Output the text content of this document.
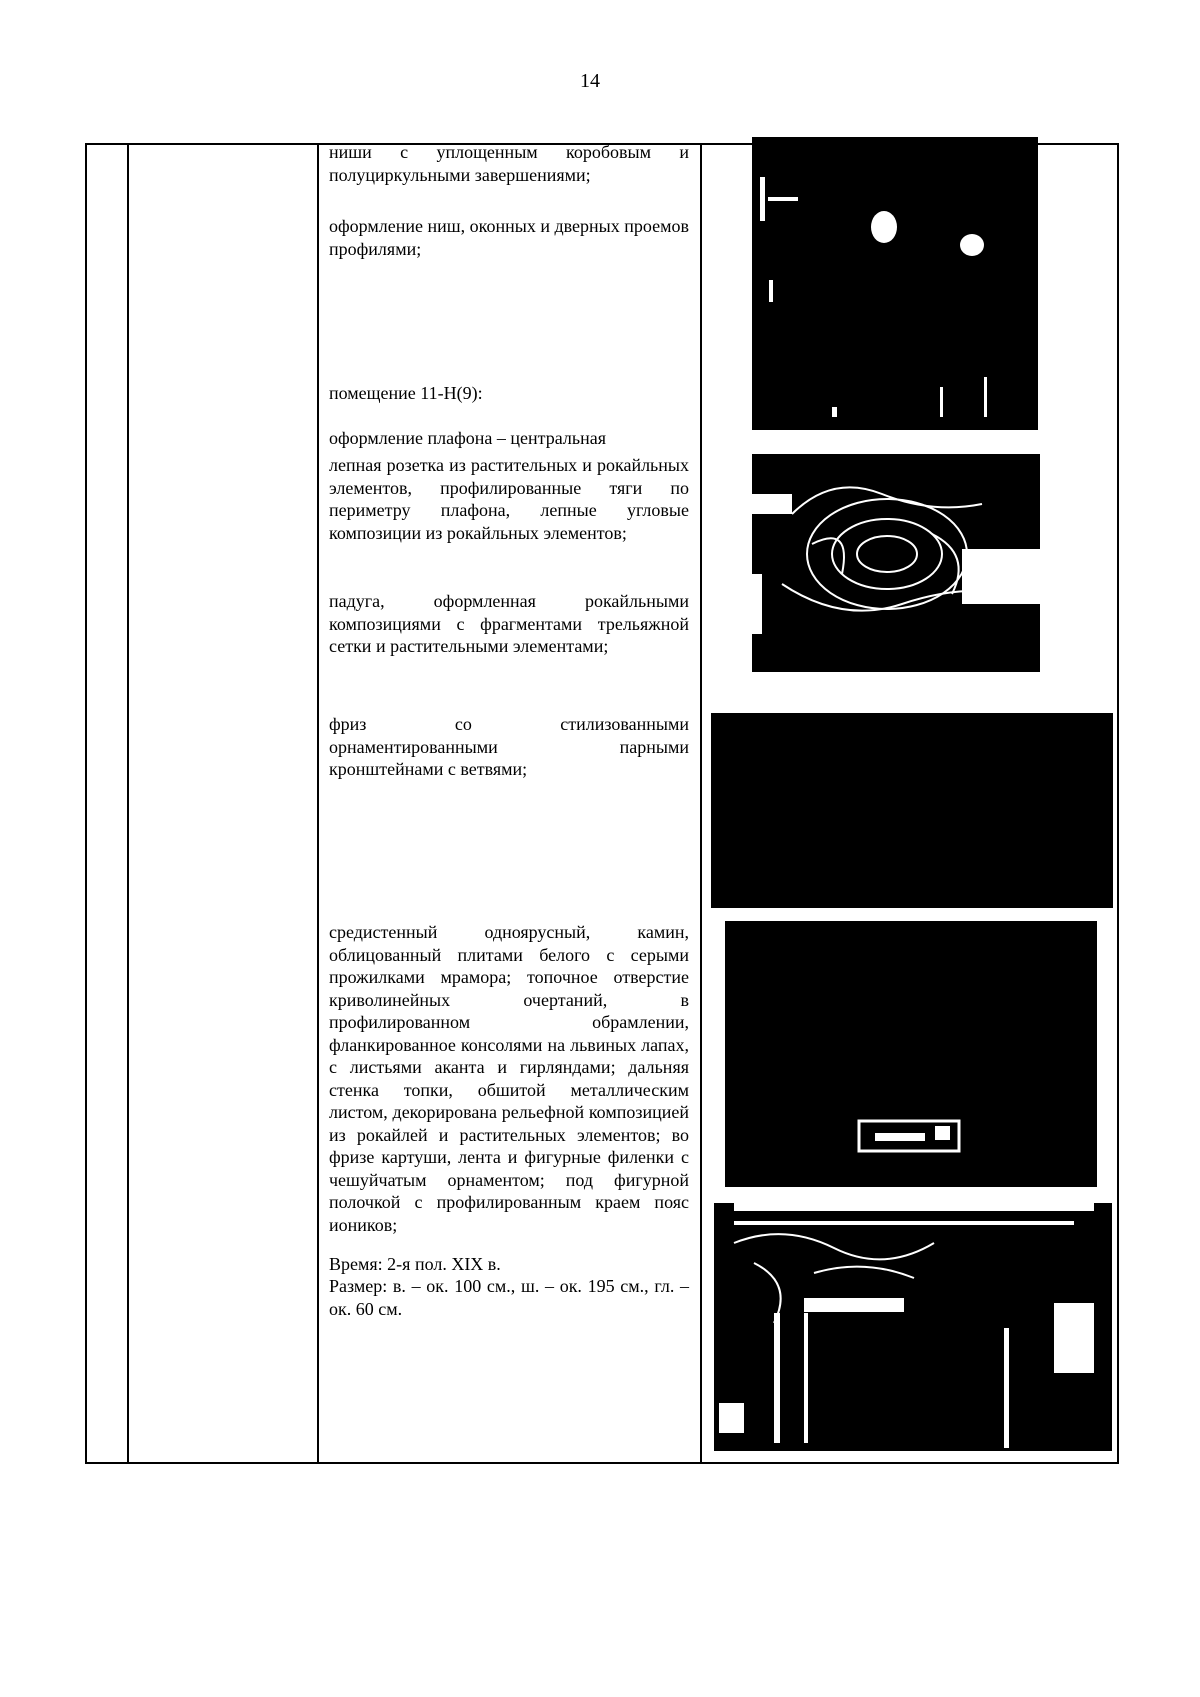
14
ниши с уплощенным коробовым и полуциркульными завершениями;
оформление ниш, оконных и дверных проемов профилями;
помещение 11-Н(9):
оформление плафона – центральная
лепная розетка из растительных и рокайльных элементов, профилированные тяги по периметру плафона, лепные угловые композиции из рокайльных элементов;
падуга, оформленная рокайльными композициями с фрагментами трельяжной сетки и растительными элементами;
фриз со стилизованными орнаментированными парными кронштейнами с ветвями;
средистенный одноярусный, камин, облицованный плитами белого с серыми прожилками мрамора; топочное отверстие криволинейных очертаний, в профилированном обрамлении, фланкированное консолями на львиных лапах, с листьями аканта и гирляндами; дальняя стенка топки, обшитой металлическим листом, декорирована рельефной композицией из рокайлей и растительных элементов; во фризе картуши, лента и фигурные филенки с чешуйчатым орнаментом; под фигурной полочкой с профилированным краем пояс иоников;
Время: 2-я пол. XIX в.
Размер: в. – ок. 100 см., ш. – ок. 195 см., гл. – ок. 60 см.
